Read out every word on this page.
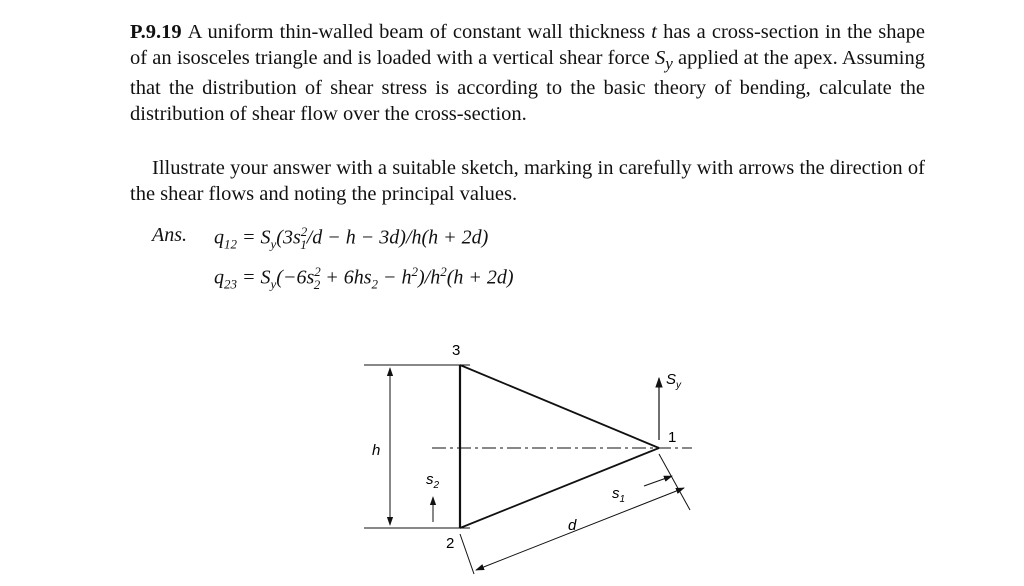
P.9.19 A uniform thin-walled beam of constant wall thickness t has a cross-section in the shape of an isosceles triangle and is loaded with a vertical shear force $S_y$ applied at the apex. Assuming that the distribution of shear stress is according to the basic theory of bending, calculate the distribution of shear flow over the cross-section.

Illustrate your answer with a suitable sketch, marking in carefully with arrows the direction of the shear flows and noting the principal values.

Ans. $q_{12} = S_y(3s^2_1/d - h - 3d)/h(h + 2d)$
$q_{23} = S_y(-6s^2_2 + 6hs_2 - h^2)/h^2(h + 2d)$
h
$s_2$
3
2
1
$S_y$
d
$s_1$
